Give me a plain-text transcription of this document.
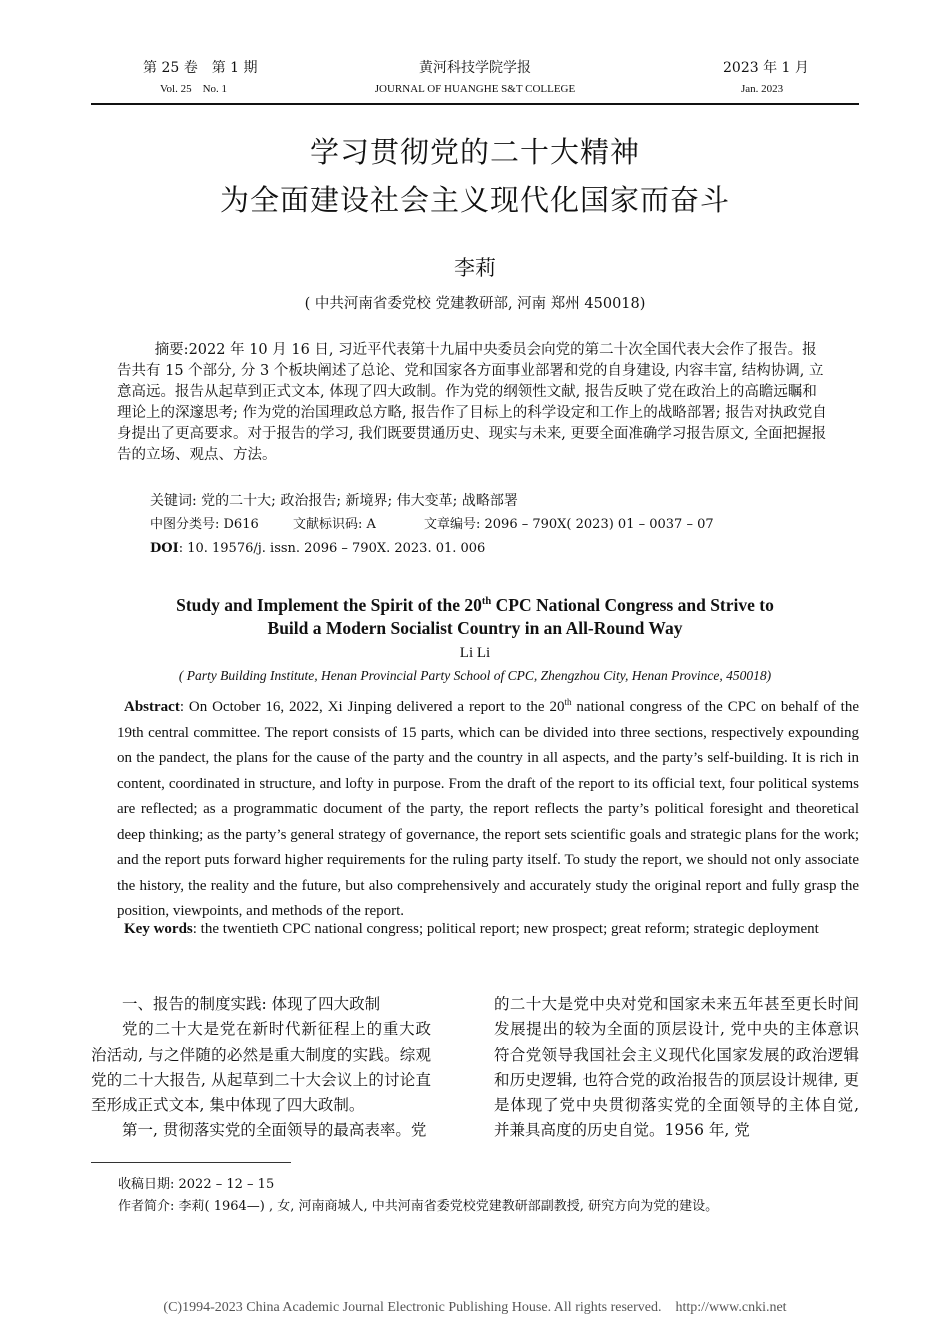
第 25 卷　第 1 期
Vol. 25　No. 1
黄河科技学院学报
JOURNAL OF HUANGHE S&T COLLEGE
2023 年 1 月
Jan. 2023
学习贯彻党的二十大精神
为全面建设社会主义现代化国家而奋斗
李莉
( 中共河南省委党校 党建教研部, 河南 郑州 450018)
摘要:2022 年 10 月 16 日, 习近平代表第十九届中央委员会向党的第二十次全国代表大会作了报告。报告共有 15 个部分, 分 3 个板块阐述了总论、党和国家各方面事业部署和党的自身建设, 内容丰富, 结构协调, 立意高远。报告从起草到正式文本, 体现了四大政制。作为党的纲领性文献, 报告反映了党在政治上的高瞻远瞩和理论上的深邃思考; 作为党的治国理政总方略, 报告作了目标上的科学设定和工作上的战略部署; 报告对执政党自身提出了更高要求。对于报告的学习, 我们既要贯通历史、现实与未来, 更要全面准确学习报告原文, 全面把握报告的立场、观点、方法。
关键词: 党的二十大; 政治报告; 新境界; 伟大变革; 战略部署
中图分类号: D616	文献标识码: A	文章编号: 2096 – 790X( 2023) 01 – 0037 – 07
DOI: 10. 19576/j. issn. 2096 – 790X. 2023. 01. 006
Study and Implement the Spirit of the 20th CPC National Congress and Strive to
Build a Modern Socialist Country in an All-Round Way
Li Li
( Party Building Institute, Henan Provincial Party School of CPC, Zhengzhou City, Henan Province, 450018)
Abstract: On October 16, 2022, Xi Jinping delivered a report to the 20th national congress of the CPC on behalf of the 19th central committee. The report consists of 15 parts, which can be divided into three sections, respectively expounding on the pandect, the plans for the cause of the party and the country in all aspects, and the party’s self-building. It is rich in content, coordinated in structure, and lofty in purpose. From the draft of the report to its official text, four political systems are reflected; as a programmatic document of the party, the report reflects the party’s political foresight and theoretical deep thinking; as the party’s general strategy of governance, the report sets scientific goals and strategic plans for the work; and the report puts forward higher requirements for the ruling party itself. To study the report, we should not only associate the history, the reality and the future, but also comprehensively and accurately study the original report and fully grasp the position, viewpoints, and methods of the report.
Key words: the twentieth CPC national congress; political report; new prospect; great reform; strategic deployment

一、报告的制度实践: 体现了四大政制

党的二十大是党在新时代新征程上的重大政治活动, 与之伴随的必然是重大制度的实践。综观党的二十大报告, 从起草到二十大会议上的讨论直至形成正式文本, 集中体现了四大政制。

第一, 贯彻落实党的全面领导的最高表率。党

的二十大是党中央对党和国家未来五年甚至更长时间发展提出的较为全面的顶层设计, 党中央的主体意识符合党领导我国社会主义现代化国家发展的政治逻辑和历史逻辑, 也符合党的政治报告的顶层设计规律, 更是体现了党中央贯彻落实党的全面领导的主体自觉, 并兼具高度的历史自觉。1956 年, 党

收稿日期: 2022 – 12 – 15
作者简介: 李莉( 1964—) , 女, 河南商城人, 中共河南省委党校党建教研部副教授, 研究方向为党的建设。
(C)1994-2023 China Academic Journal Electronic Publishing House. All rights reserved.　http://www.cnki.net
